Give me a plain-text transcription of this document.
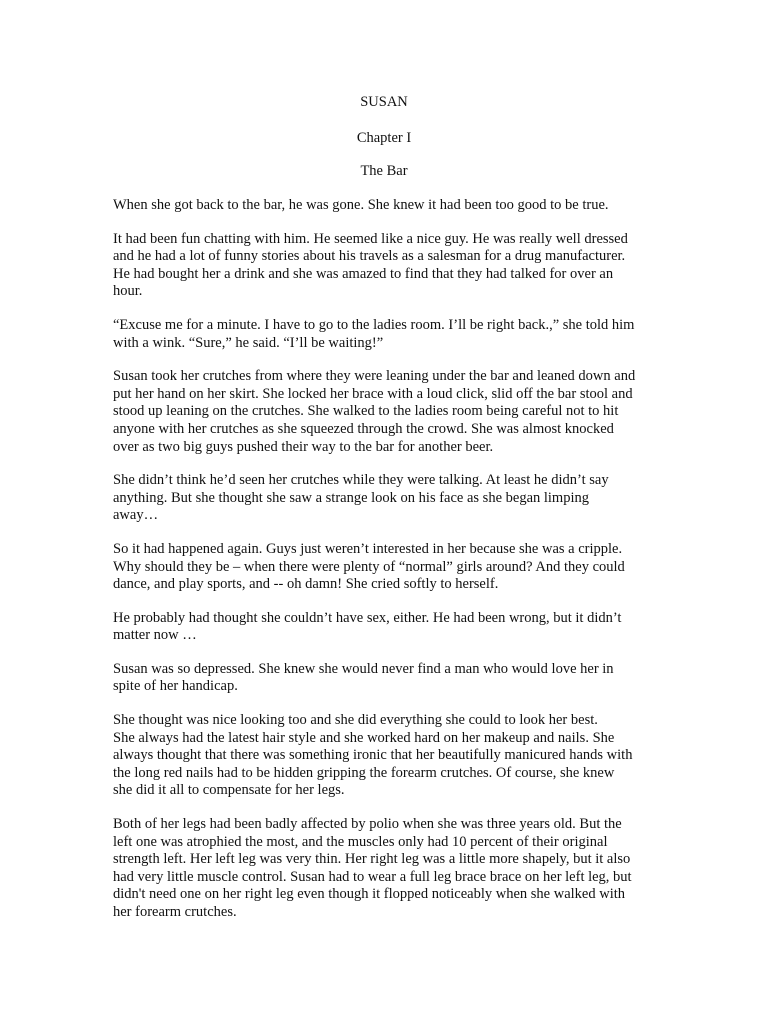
SUSAN
Chapter I
The Bar

When she got back to the bar, he was gone. She knew it had been too good to be true.

It had been fun chatting with him. He seemed like a nice guy. He was really well dressed
and he had a lot of funny stories about his travels as a salesman for a drug manufacturer.
He had bought her a drink and she was amazed to find that they had talked for over an
hour.

“Excuse me for a minute. I have to go to the ladies room. I’ll be right back.,” she told him
with a wink. “Sure,” he said. “I’ll be waiting!”

Susan took her crutches from where they were leaning under the bar and leaned down and
put her hand on her skirt. She locked her brace with a loud click, slid off the bar stool and
stood up leaning on the crutches. She walked to the ladies room being careful not to hit
anyone with her crutches as she squeezed through the crowd. She was almost knocked
over as two big guys pushed their way to the bar for another beer.

She didn’t think he’d seen her crutches while they were talking. At least he didn’t say
anything. But she thought she saw a strange look on his face as she began limping
away…

So it had happened again. Guys just weren’t interested in her because she was a cripple.
Why should they be – when there were plenty of “normal” girls around? And they could
dance, and play sports, and -- oh damn! She cried softly to herself.

He probably had thought she couldn’t have sex, either. He had been wrong, but it didn’t
matter now …

Susan was so depressed. She knew she would never find a man who would love her in
spite of her handicap.

She thought was nice looking too and she did everything she could to look her best.
She always had the latest hair style and she worked hard on her makeup and nails. She
always thought that there was something ironic that her beautifully manicured hands with
the long red nails had to be hidden gripping the forearm crutches. Of course, she knew
she did it all to compensate for her legs.

Both of her legs had been badly affected by polio when she was three years old. But the
left one was atrophied the most, and the muscles only had 10 percent of their original
strength left. Her left leg was very thin. Her right leg was a little more shapely, but it also
had very little muscle control. Susan had to wear a full leg brace brace on her left leg, but
didn't need one on her right leg even though it flopped noticeably when she walked with
her forearm crutches.
